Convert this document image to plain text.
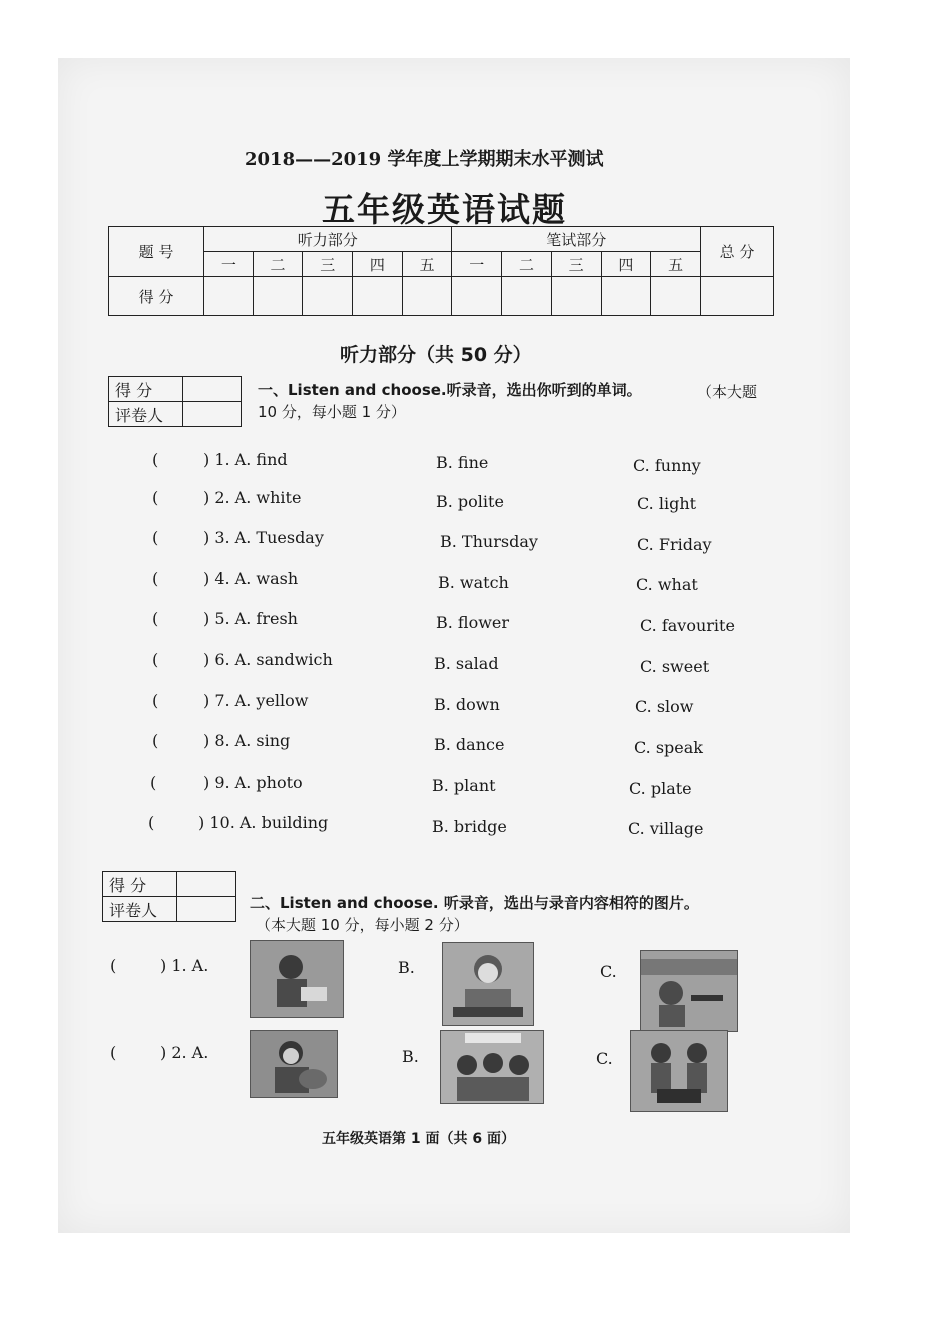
2018——2019 学年度上学期期末水平测试
五年级英语试题
题 号	听力部分					笔试部分					总 分
	一	二	三	四	五	一	二	三	四	五	
得 分											
听力部分（共 50 分）
得 分	
评卷人	
一、Listen and choose.听录音，选出你听到的单词。	（本大题
10 分，每小题 1 分）
(	) 1. A. find	B. fine	C. funny
(	) 2. A. white	B. polite	C. light
(	) 3. A. Tuesday	B. Thursday	C. Friday
(	) 4. A. wash	B. watch	C. what
(	) 5. A. fresh	B. flower	C. favourite
(	) 6. A. sandwich	B. salad	C. sweet
(	) 7. A. yellow	B. down	C. slow
(	) 8. A. sing	B. dance	C. speak
(	) 9. A. photo	B. plant	C. plate
(	) 10. A. building	B. bridge	C. village
得 分	
评卷人		二、Listen and choose. 听录音，选出与录音内容相符的图片。
（本大题 10 分，每小题 2 分）
(	) 1. A.	B.	C.
(	) 2. A.	B.	C.
五年级英语第 1 面（共 6 面）
